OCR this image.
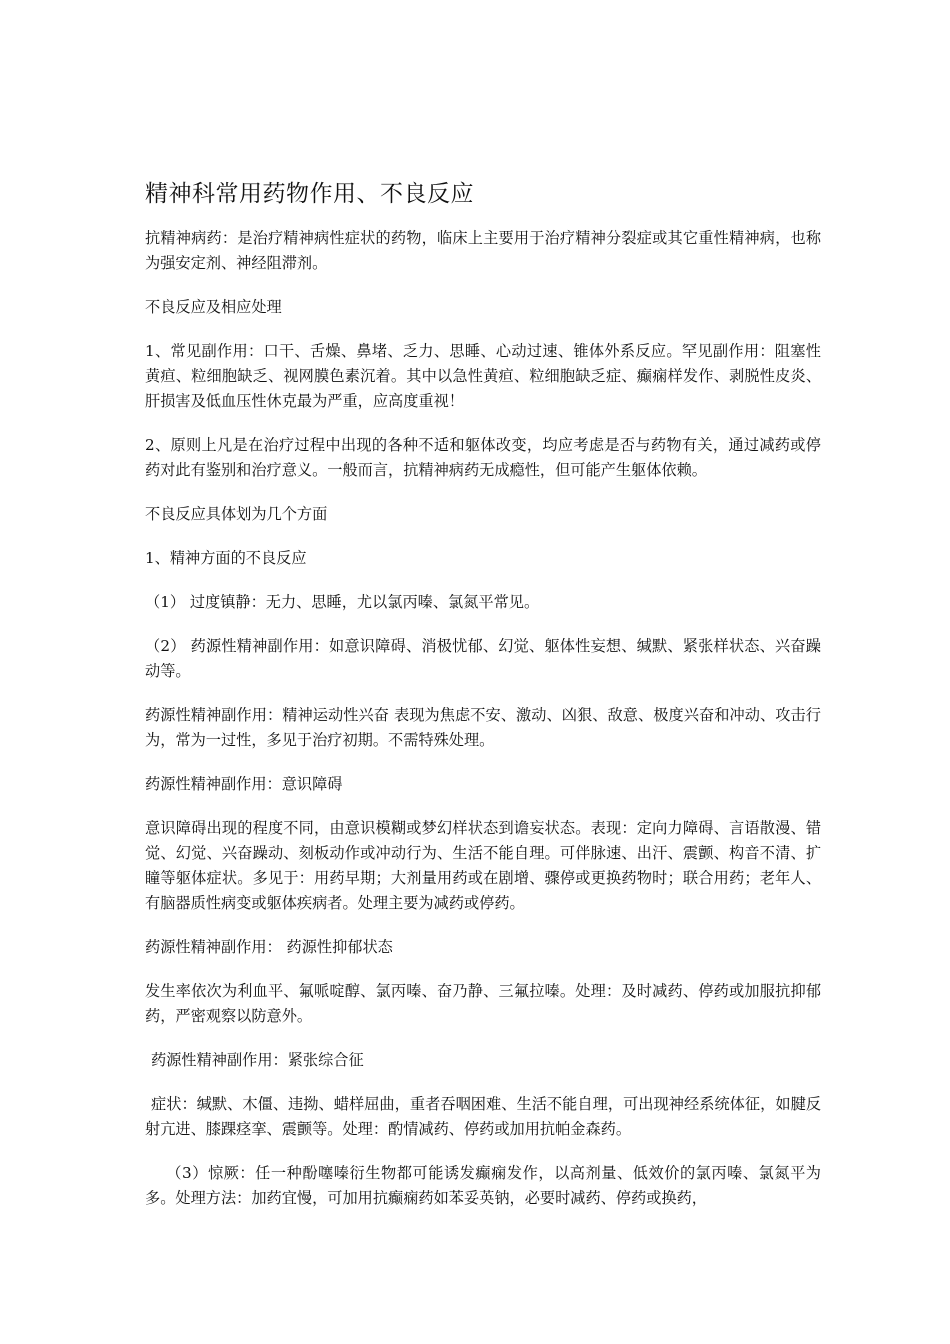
精神科常用药物作用、不良反应

抗精神病药：是治疗精神病性症状的药物，临床上主要用于治疗精神分裂症或其它重性精神病，也称为强安定剂、神经阻滞剂。

不良反应及相应处理

1、常见副作用：口干、舌燥、鼻堵、乏力、思睡、心动过速、锥体外系反应。罕见副作用：阻塞性黄疸、粒细胞缺乏、视网膜色素沉着。其中以急性黄疸、粒细胞缺乏症、癫痫样发作、剥脱性皮炎、肝损害及低血压性休克最为严重，应高度重视！

2、原则上凡是在治疗过程中出现的各种不适和躯体改变，均应考虑是否与药物有关，通过减药或停药对此有鉴别和治疗意义。一般而言，抗精神病药无成瘾性，但可能产生躯体依赖。

不良反应具体划为几个方面

1、精神方面的不良反应

（1） 过度镇静：无力、思睡，尤以氯丙嗪、氯氮平常见。

（2） 药源性精神副作用：如意识障碍、消极忧郁、幻觉、躯体性妄想、缄默、紧张样状态、兴奋躁动等。

药源性精神副作用：精神运动性兴奋 表现为焦虑不安、激动、凶狠、敌意、极度兴奋和冲动、攻击行为，常为一过性，多见于治疗初期。不需特殊处理。

药源性精神副作用：意识障碍

意识障碍出现的程度不同，由意识模糊或梦幻样状态到谵妄状态。表现：定向力障碍、言语散漫、错觉、幻觉、兴奋躁动、刻板动作或冲动行为、生活不能自理。可伴脉速、出汗、震颤、构音不清、扩瞳等躯体症状。多见于：用药早期；大剂量用药或在剧增、骤停或更换药物时；联合用药；老年人、有脑器质性病变或躯体疾病者。处理主要为减药或停药。

药源性精神副作用： 药源性抑郁状态

发生率依次为利血平、氟哌啶醇、氯丙嗪、奋乃静、三氟拉嗪。处理：及时减药、停药或加服抗抑郁药，严密观察以防意外。

药源性精神副作用：紧张综合征

症状：缄默、木僵、违拗、蜡样屈曲，重者吞咽困难、生活不能自理，可出现神经系统体征，如腱反射亢进、膝踝痉挛、震颤等。处理：酌情减药、停药或加用抗帕金森药。

（3）惊厥：任一种酚噻嗪衍生物都可能诱发癫痫发作，以高剂量、低效价的氯丙嗪、氯氮平为多。处理方法：加药宜慢，可加用抗癫痫药如苯妥英钠，必要时减药、停药或换药，
